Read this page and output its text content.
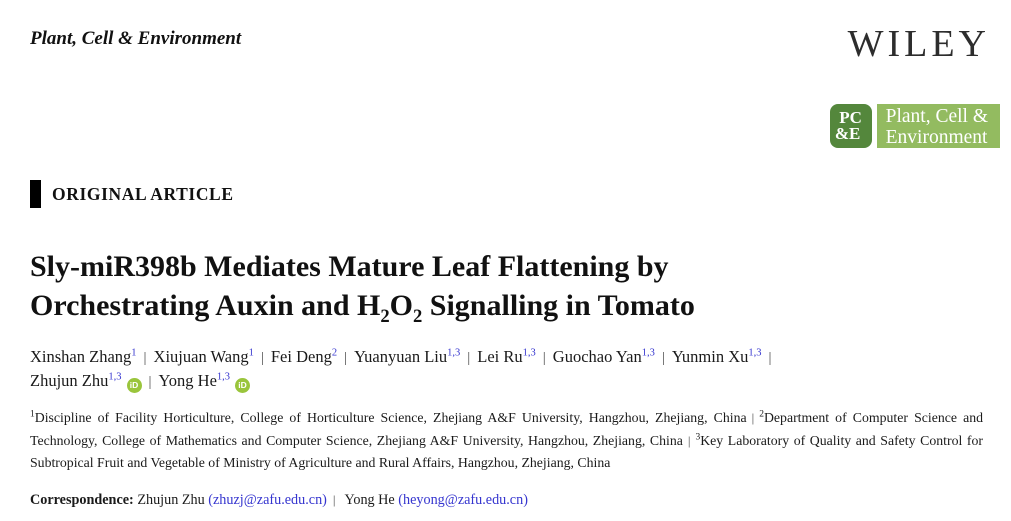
Plant, Cell & Environment	WILEY
PC
&E
Plant, Cell &
Environment
ORIGINAL ARTICLE
Sly-miR398b Mediates Mature Leaf Flattening by
Orchestrating Auxin and $H_2O_2$ Signalling in Tomato
Xinshan Zhang$^1$ | Xiujuan Wang$^1$ | Fei Deng$^2$ | Yuanyuan Liu$^{1,3}$ | Lei Ru$^{1,3}$ | Guochao Yan$^{1,3}$ | Yunmin Xu$^{1,3}$ |
Zhujun Zhu$^{1,3}$iD | Yong He$^{1,3}$iD
$^1$Discipline of Facility Horticulture, College of Horticulture Science, Zhejiang A&F University, Hangzhou, Zhejiang, China | $^2$Department of Computer Science and Technology, College of Mathematics and Computer Science, Zhejiang A&F University, Hangzhou, Zhejiang, China | $^3$Key Laboratory of Quality and Safety Control for Subtropical Fruit and Vegetable of Ministry of Agriculture and Rural Affairs, Hangzhou, Zhejiang, China
Correspondence: Zhujun Zhu (zhuzj@zafu.edu.cn) | Yong He (heyong@zafu.edu.cn)
